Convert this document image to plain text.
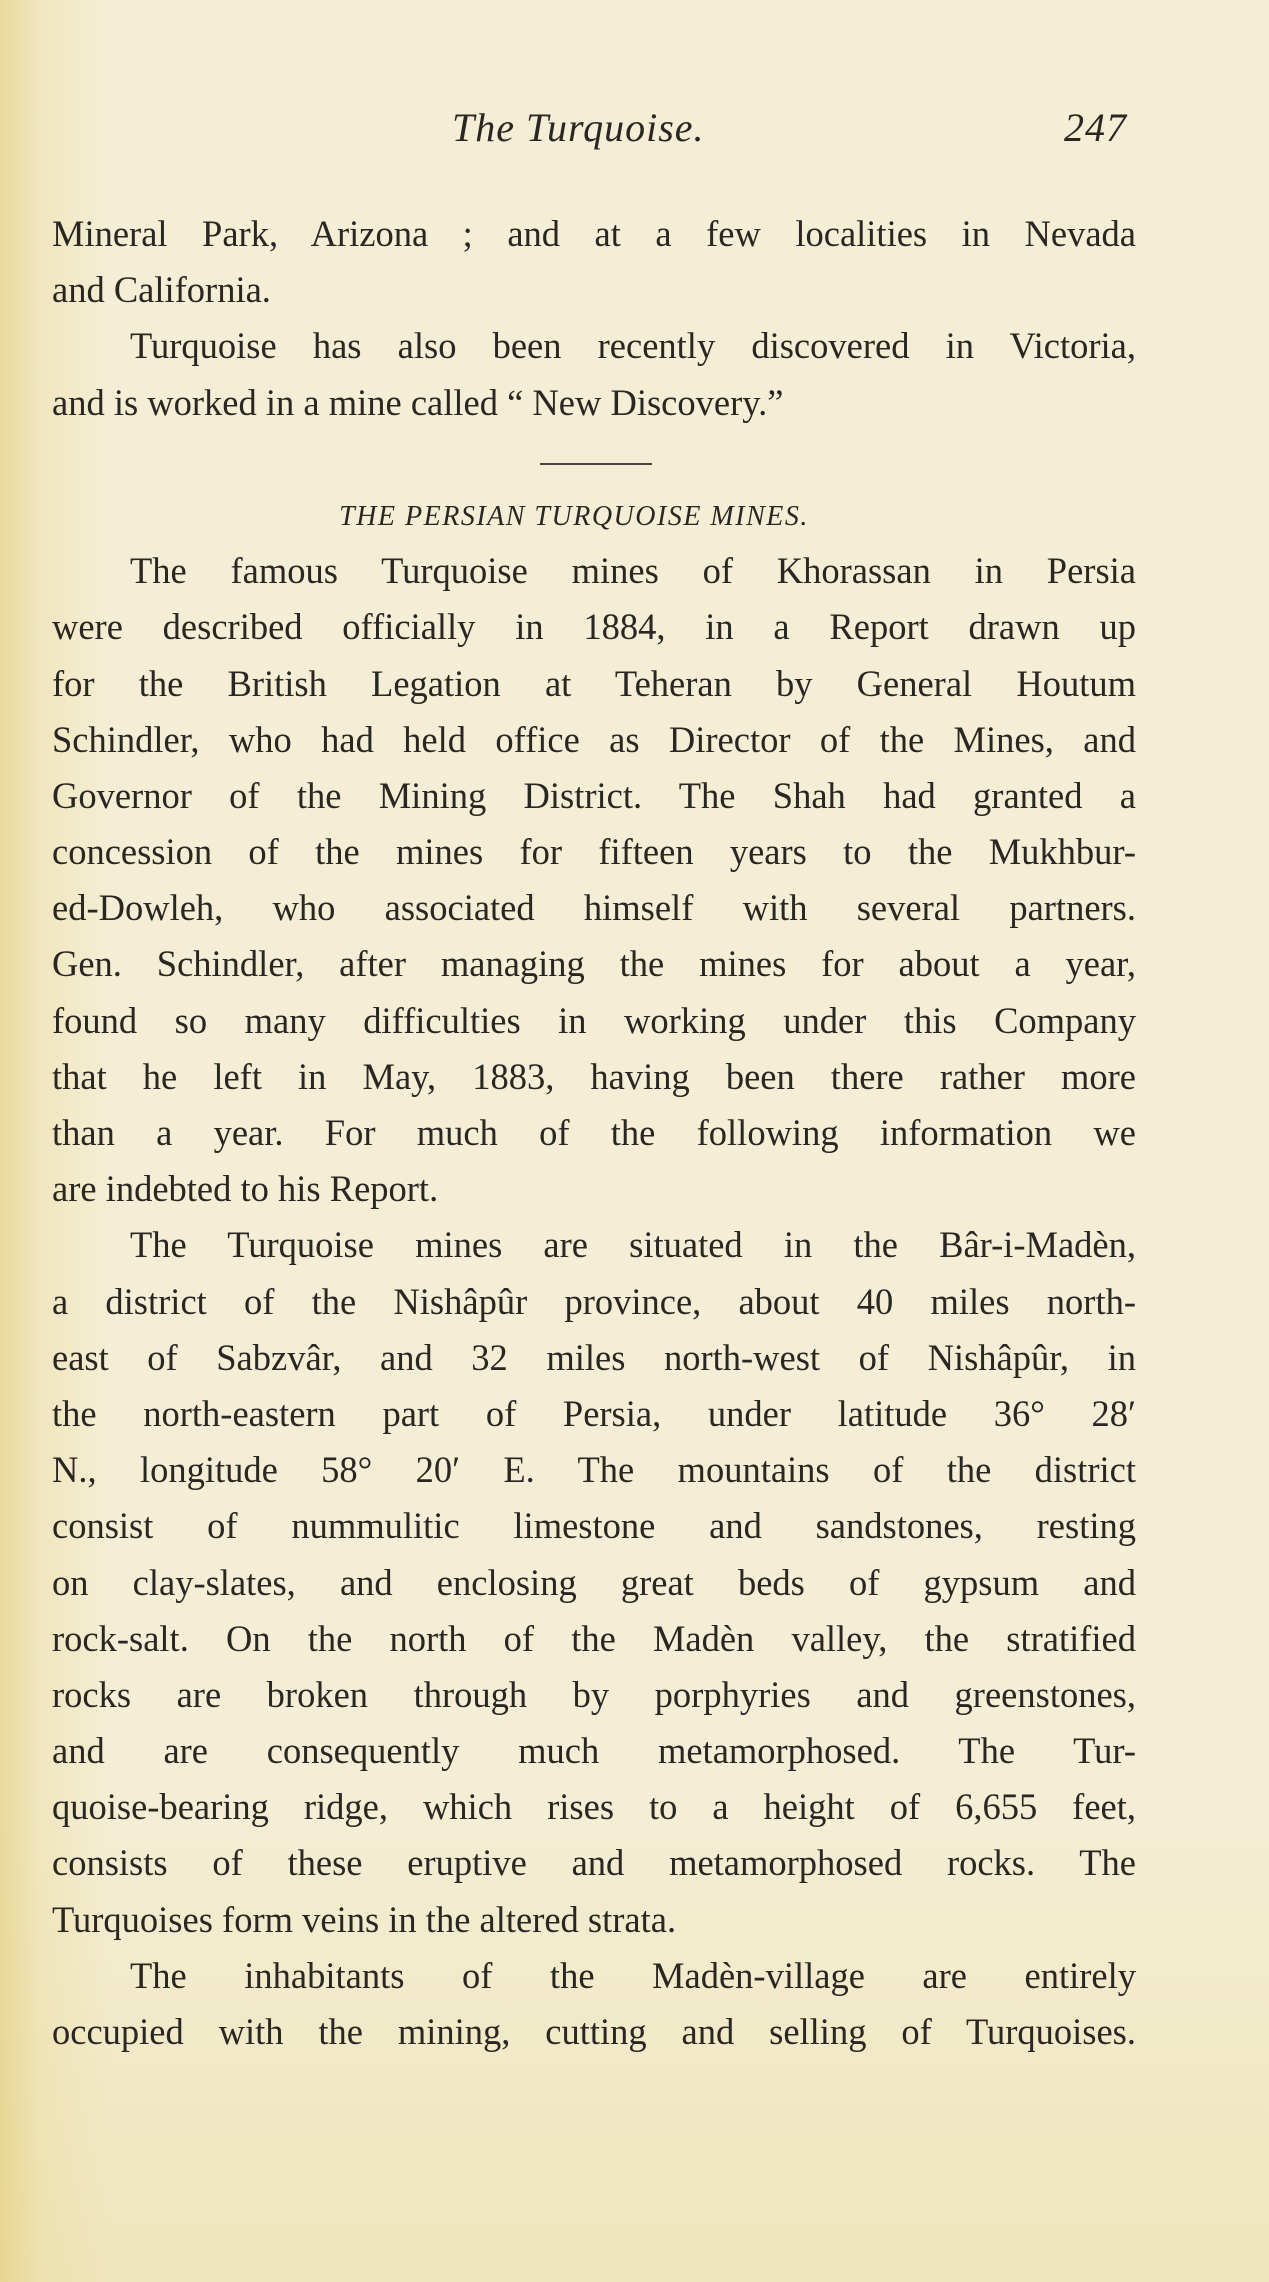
The Turquoise.	247
Mineral Park, Arizona ; and at a few localities in Nevada
and California.
Turquoise has also been recently discovered in Victoria,
and is worked in a mine called “ New Discovery.”
THE PERSIAN TURQUOISE MINES.
The famous Turquoise mines of Khorassan in Persia
were described officially in 1884, in a Report drawn up
for the British Legation at Teheran by General Houtum
Schindler, who had held office as Director of the Mines, and
Governor of the Mining District. The Shah had granted a
concession of the mines for fifteen years to the Mukhbur-
ed-Dowleh, who associated himself with several partners.
Gen. Schindler, after managing the mines for about a year,
found so many difficulties in working under this Company
that he left in May, 1883, having been there rather more
than a year. For much of the following information we
are indebted to his Report.
The Turquoise mines are situated in the Bâr-i-Madèn,
a district of the Nishâpûr province, about 40 miles north-
east of Sabzvâr, and 32 miles north-west of Nishâpûr, in
the north-eastern part of Persia, under latitude 36° 28′
N., longitude 58° 20′ E. The mountains of the district
consist of nummulitic limestone and sandstones, resting
on clay-slates, and enclosing great beds of gypsum and
rock-salt. On the north of the Madèn valley, the stratified
rocks are broken through by porphyries and greenstones,
and are consequently much metamorphosed. The Tur-
quoise-bearing ridge, which rises to a height of 6,655 feet,
consists of these eruptive and metamorphosed rocks. The
Turquoises form veins in the altered strata.
The inhabitants of the Madèn-village are entirely
occupied with the mining, cutting and selling of Turquoises.
